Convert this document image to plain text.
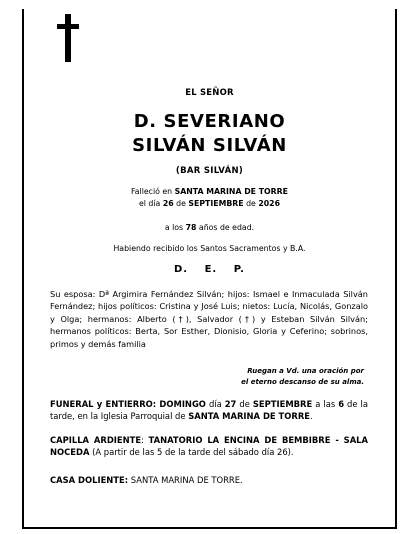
EL SEÑOR
D. SEVERIANO
SILVÁN SILVÁN
(BAR SILVÁN)
Falleció en SANTA MARINA DE TORRE
el día 26 de SEPTIEMBRE de 2026
a los 78 años de edad.
Habiendo recibido los Santos Sacramentos y B.A.
D. E. P.
Su esposa: Dª Argimira Fernández Silván; hijos: Ismael e Inmaculada Silván Fernández; hijos políticos: Cristina y José Luis; nietos: Lucía, Nicolás, Gonzalo y Olga; hermanos: Alberto (†), Salvador (†) y Esteban Silván Silván; hermanos políticos: Berta, Sor Esther, Dionisio, Gloria y Ceferino; sobrinos, primos y demás familia
Ruegan a Vd. una oración por
el eterno descanso de su alma.
FUNERAL y ENTIERRO: DOMINGO día 27 de SEPTIEMBRE a las 6 de la tarde, en la Iglesia Parroquial de SANTA MARINA DE TORRE.
CAPILLA ARDIENTE: TANATORIO LA ENCINA DE BEMBIBRE - SALA NOCEDA (A partir de las 5 de la tarde del sábado día 26).
CASA DOLIENTE: SANTA MARINA DE TORRE.
